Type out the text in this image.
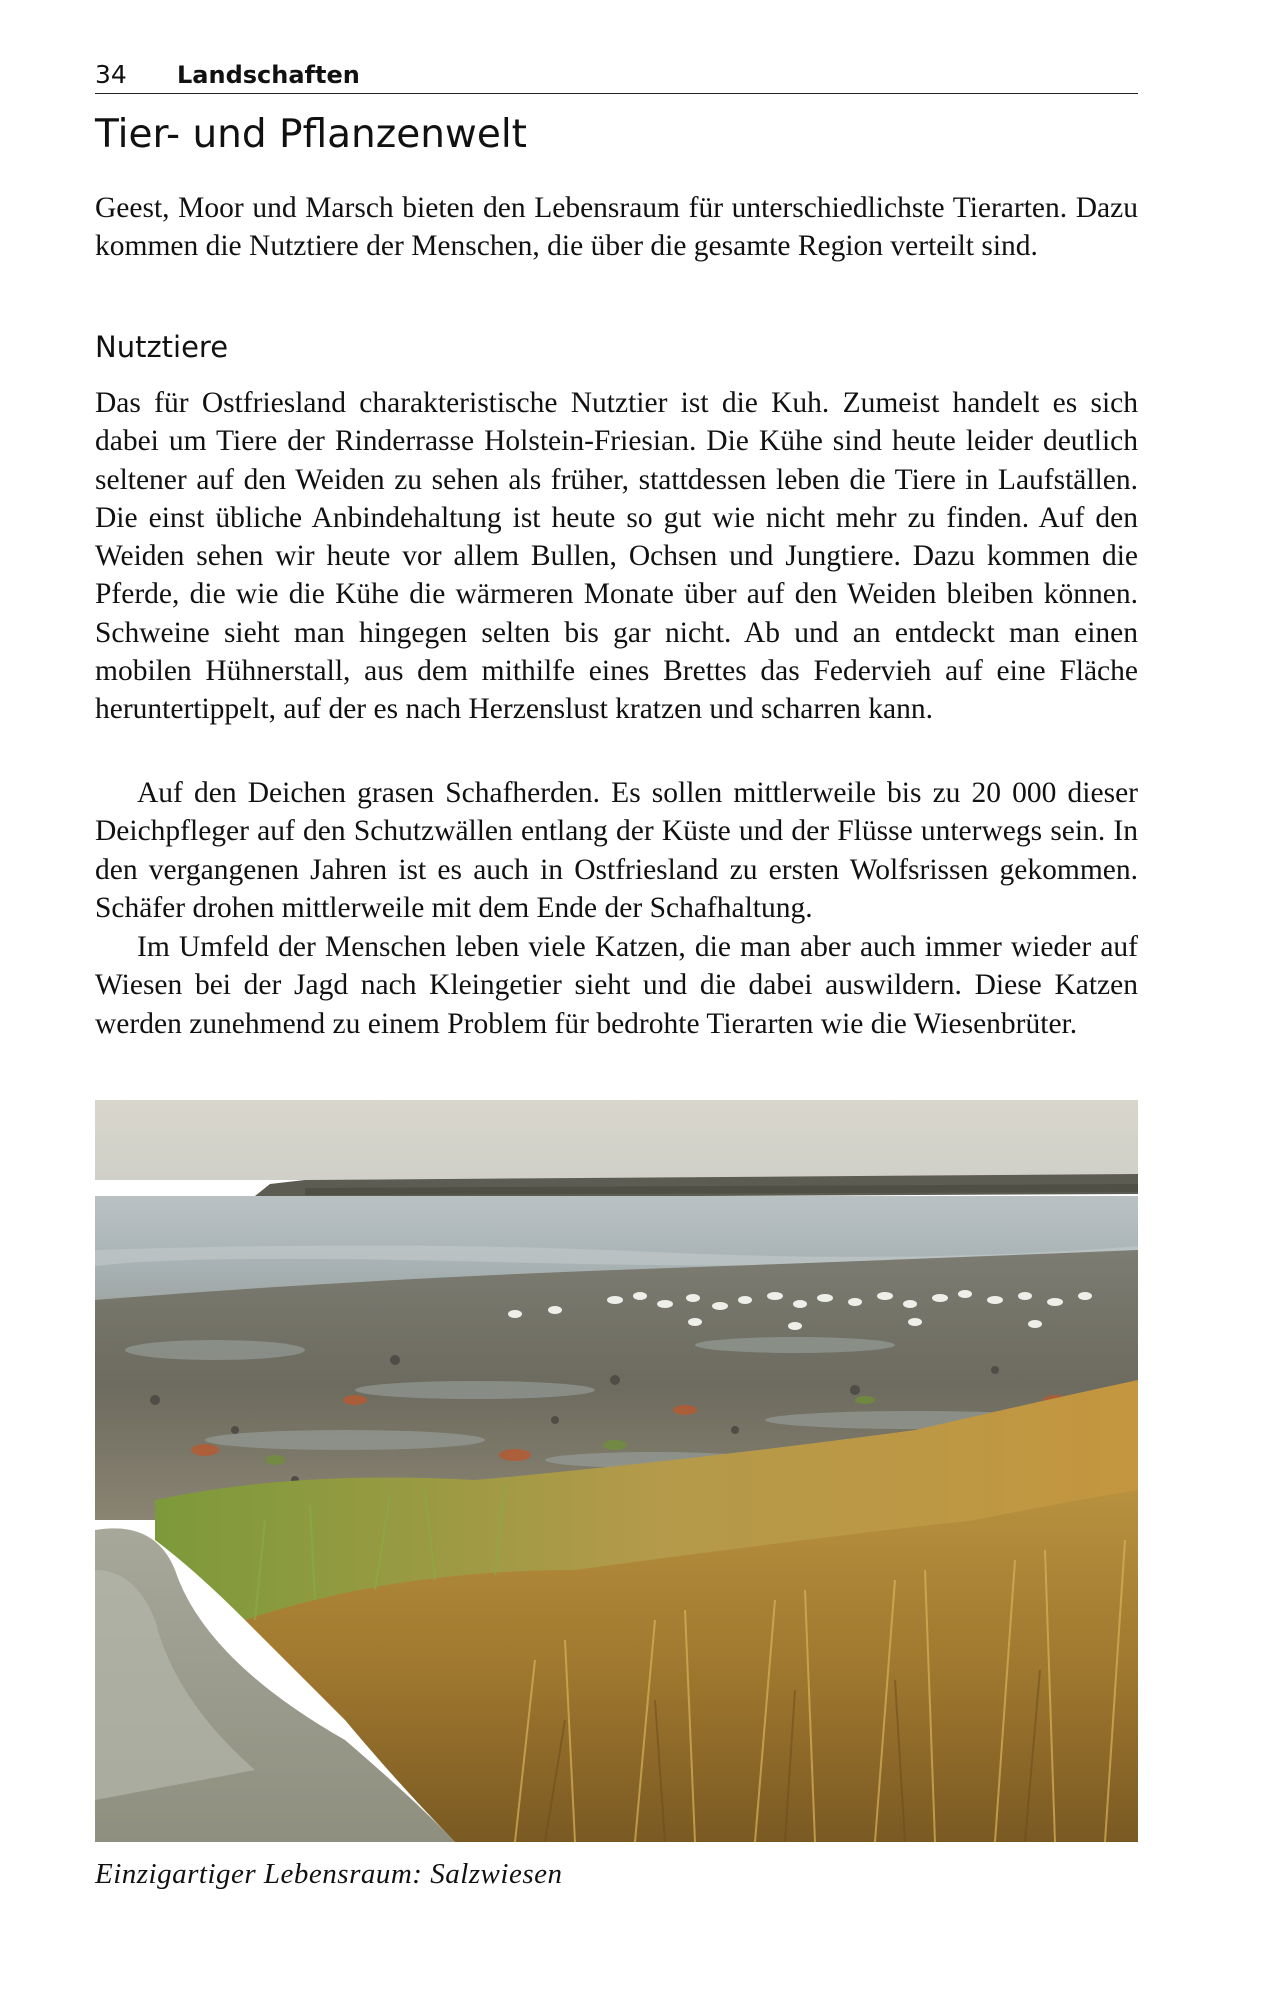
34 Landschaften
Tier- und Pflanzenwelt

Geest, Moor und Marsch bieten den Lebensraum für unterschiedlichste Tierarten. Dazu kommen die Nutztiere der Menschen, die über die gesamte Region verteilt sind.

Nutztiere

Das für Ostfriesland charakteristische Nutztier ist die Kuh. Zumeist handelt es sich dabei um Tiere der Rinderrasse Holstein-Friesian. Die Kühe sind heute leider deutlich seltener auf den Weiden zu sehen als früher, stattdessen leben die Tiere in Laufställen. Die einst übliche Anbindehaltung ist heute so gut wie nicht mehr zu finden. Auf den Weiden sehen wir heute vor allem Bullen, Ochsen und Jungtiere. Dazu kommen die Pferde, die wie die Kühe die wärmeren Monate über auf den Weiden bleiben können. Schweine sieht man hingegen selten bis gar nicht. Ab und an entdeckt man einen mobilen Hühnerstall, aus dem mithilfe eines Brettes das Federvieh auf eine Fläche heruntertippelt, auf der es nach Herzenslust kratzen und scharren kann.

Auf den Deichen grasen Schafherden. Es sollen mittlerweile bis zu 20 000 dieser Deichpfleger auf den Schutzwällen entlang der Küste und der Flüsse unterwegs sein. In den vergangenen Jahren ist es auch in Ostfriesland zu ersten Wolfsrissen gekommen. Schäfer drohen mittlerweile mit dem Ende der Schafhaltung.

Im Umfeld der Menschen leben viele Katzen, die man aber auch immer wieder auf Wiesen bei der Jagd nach Kleingetier sieht und die dabei auswildern. Diese Katzen werden zunehmend zu einem Problem für bedrohte Tierarten wie die Wiesenbrüter.

Einzigartiger Lebensraum: Salzwiesen
